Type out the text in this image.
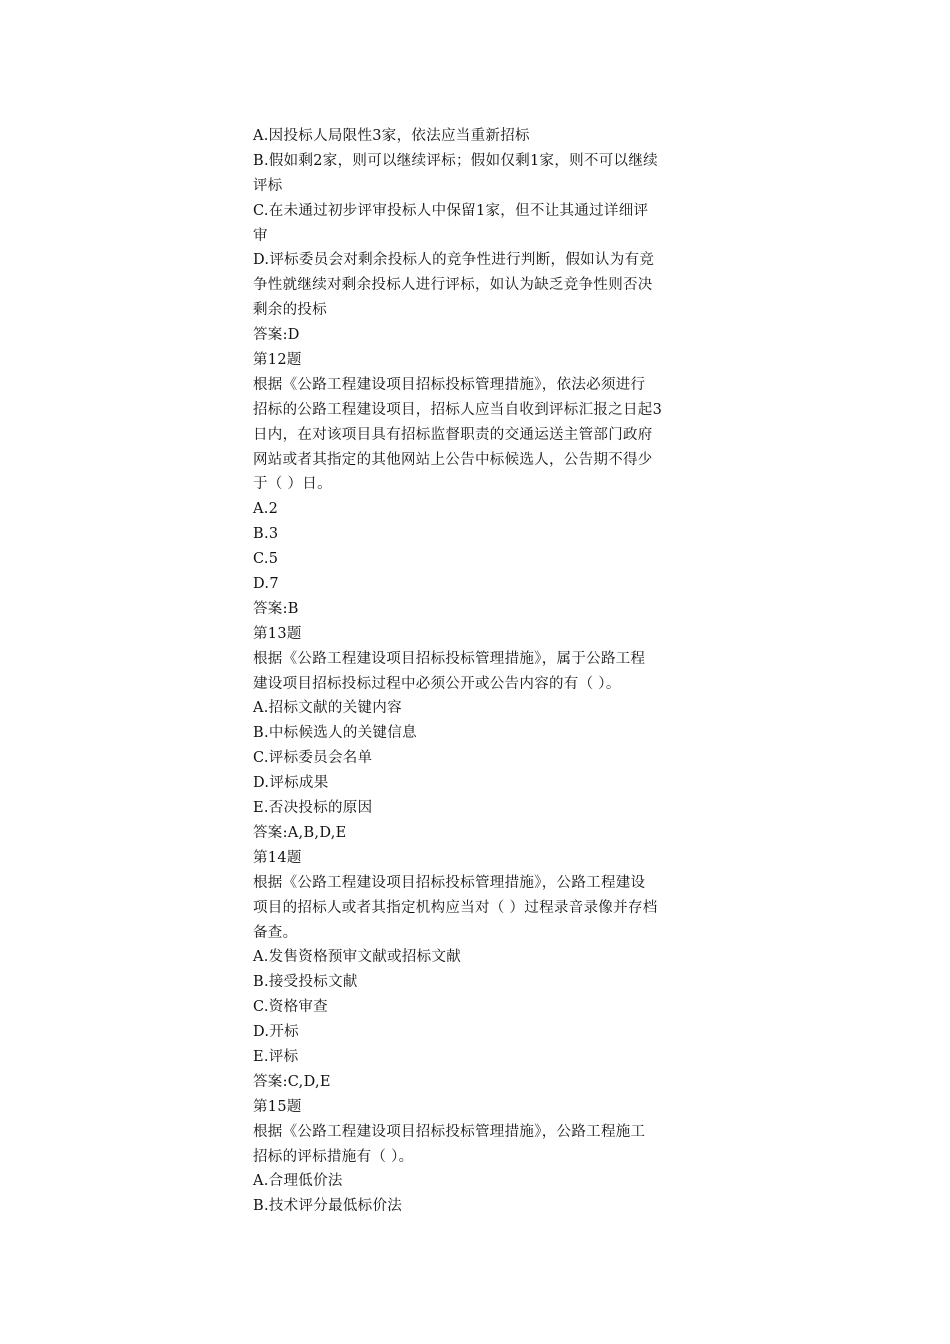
A.因投标人局限性3家，依法应当重新招标
B.假如剩2家，则可以继续评标；假如仅剩1家，则不可以继续
评标
C.在未通过初步评审投标人中保留1家，但不让其通过详细评
审
D.评标委员会对剩余投标人的竞争性进行判断，假如认为有竞
争性就继续对剩余投标人进行评标，如认为缺乏竞争性则否决
剩余的投标
答案:D
第12题
根据《公路工程建设项目招标投标管理措施》，依法必须进行
招标的公路工程建设项目，招标人应当自收到评标汇报之日起3
日内，在对该项目具有招标监督职责的交通运送主管部门政府
网站或者其指定的其他网站上公告中标候选人，公告期不得少
于（ ）日。
A.2
B.3
C.5
D.7
答案:B
第13题
根据《公路工程建设项目招标投标管理措施》，属于公路工程
建设项目招标投标过程中必须公开或公告内容的有（ ）。
A.招标文献的关键内容
B.中标候选人的关键信息
C.评标委员会名单
D.评标成果
E.否决投标的原因
答案:A,B,D,E
第14题
根据《公路工程建设项目招标投标管理措施》，公路工程建设
项目的招标人或者其指定机构应当对（ ）过程录音录像并存档
备查。
A.发售资格预审文献或招标文献
B.接受投标文献
C.资格审查
D.开标
E.评标
答案:C,D,E
第15题
根据《公路工程建设项目招标投标管理措施》，公路工程施工
招标的评标措施有（ ）。
A.合理低价法
B.技术评分最低标价法
